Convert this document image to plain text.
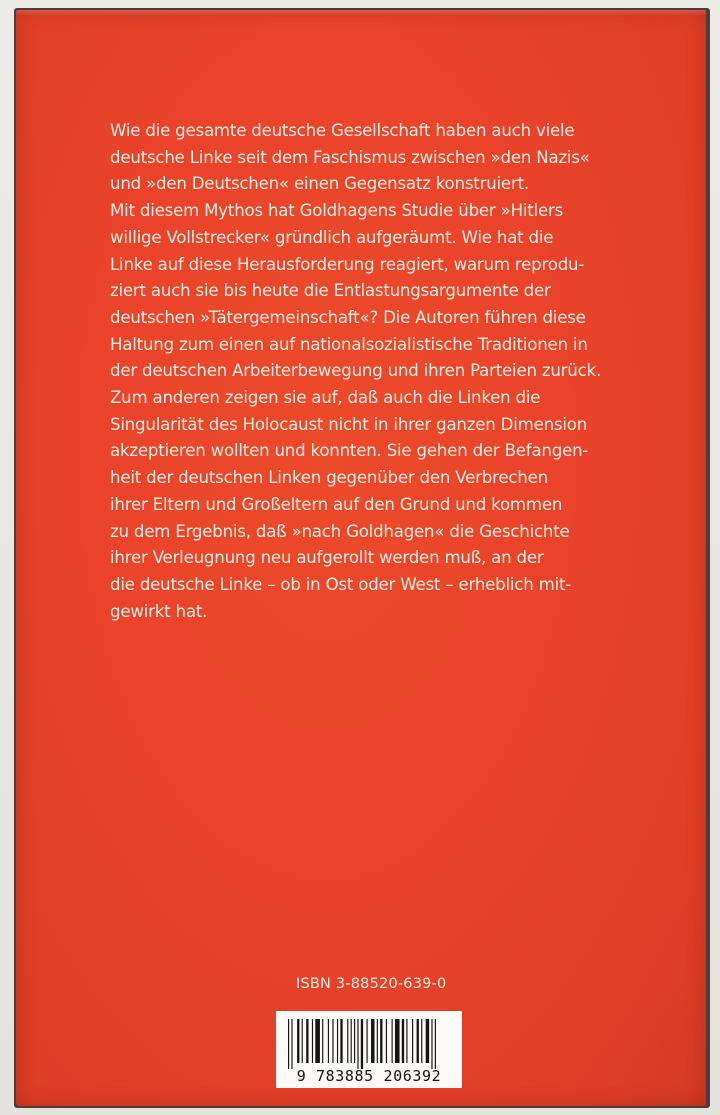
Wie die gesamte deutsche Gesellschaft haben auch viele
deutsche Linke seit dem Faschismus zwischen »den Nazis«
und »den Deutschen« einen Gegensatz konstruiert.
Mit diesem Mythos hat Goldhagens Studie über »Hitlers
willige Vollstrecker« gründlich aufgeräumt. Wie hat die
Linke auf diese Herausforderung reagiert, warum reprodu-
ziert auch sie bis heute die Entlastungsargumente der
deutschen »Tätergemeinschaft«? Die Autoren führen diese
Haltung zum einen auf nationalsozialistische Traditionen in
der deutschen Arbeiterbewegung und ihren Parteien zurück.
Zum anderen zeigen sie auf, daß auch die Linken die
Singularität des Holocaust nicht in ihrer ganzen Dimension
akzeptieren wollten und konnten. Sie gehen der Befangen-
heit der deutschen Linken gegenüber den Verbrechen
ihrer Eltern und Großeltern auf den Grund und kommen
zu dem Ergebnis, daß »nach Goldhagen« die Geschichte
ihrer Verleugnung neu aufgerollt werden muß, an der
die deutsche Linke – ob in Ost oder West – erheblich mit-
gewirkt hat.

ISBN 3-88520-639-0
9 783885 206392
